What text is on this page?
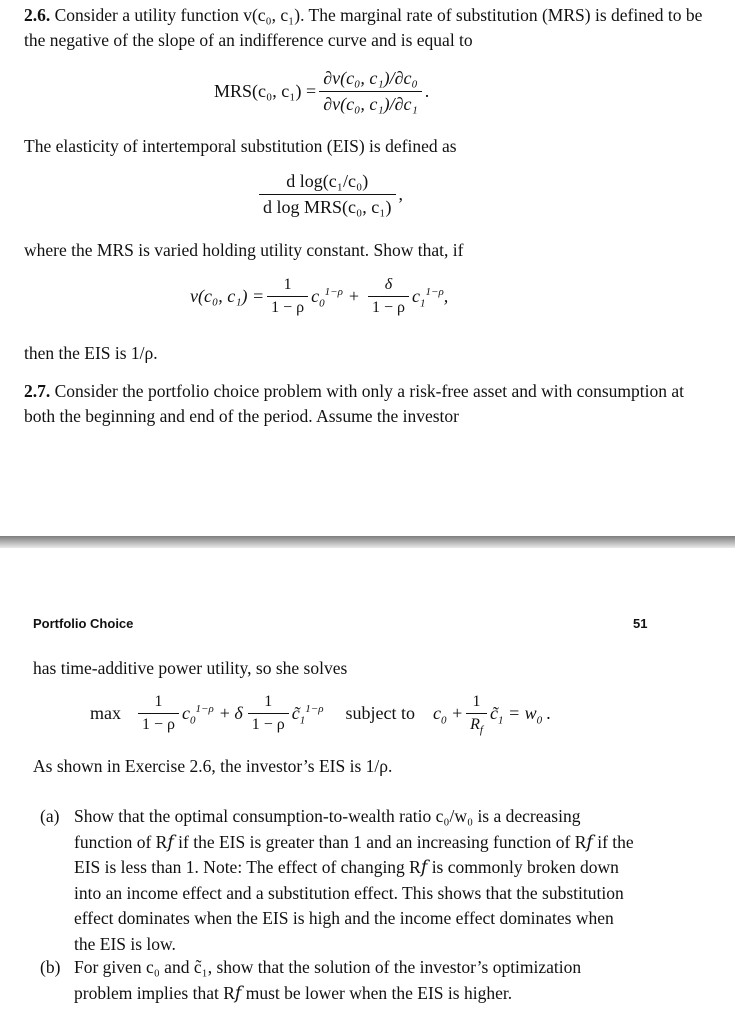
2.6. Consider a utility function v(c₀, c₁). The marginal rate of substitution (MRS) is defined to be the negative of the slope of an indifference curve and is equal to
MRS(c₀, $c_1) = \frac{\text{∂v(c₀, c₁)/∂c₀}}{\text{∂v(c₀, c₁)/∂c₁}}$ .
The elasticity of intertemporal substitution (EIS) is defined as
$\frac{\text{d log(c₁/c₀)}}{\text{d log MRS(c₀, c₁)}}$ ,
where the MRS is varied holding utility constant. Show that, if
v(c₀, $c_1) = \frac{1}{1 - \rho} c_0^{1-\rho} + \frac{\delta}{1 - \rho} c_1^{1-\rho}$,
then the EIS is 1/ρ.
2.7. Consider the portfolio choice problem with only a risk-free asset and with consumption at both the beginning and end of the period. Assume the investor
Portfolio Choice	51
has time-additive power utility, so she solves
$\max \frac{1}{1 - \rho} c_0^{1-\rho} + \delta \frac{1}{1 - \rho}$ $c̃_1^{1-\rho}$ subject to $c_0 + \frac{1}{R_f}$ $c̃_1 = w_0$ .
As shown in Exercise 2.6, the investor’s EIS is 1/ρ.
(a) Show that the optimal consumption-to-wealth ratio c₀/w₀ is a decreasing function of R𝑓 if the EIS is greater than 1 and an increasing function of R𝑓 if the EIS is less than 1. Note: The effect of changing R𝑓 is commonly broken down into an income effect and a substitution effect. This shows that the substitution effect dominates when the EIS is high and the income effect dominates when the EIS is low.
(b) For given c₀ and c̃₁, show that the solution of the investor’s optimization problem implies that R𝑓 must be lower when the EIS is higher.
